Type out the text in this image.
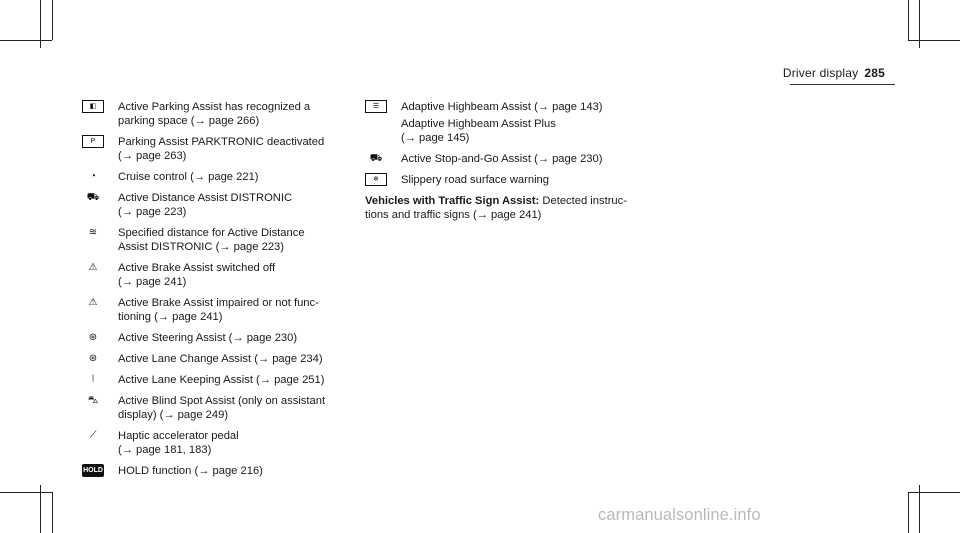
Driver display 285
◧	Active Parking Assist has recognized a
parking space (→ page 266)
P	Parking Assist PARKTRONIC deactivated
(→ page 263)
◔	Cruise control (→ page 221)
⛟	Active Distance Assist DISTRONIC
(→ page 223)
≋	Specified distance for Active Distance
Assist DISTRONIC (→ page 223)
⚠	Active Brake Assist switched off
(→ page 241)
⚠	Active Brake Assist impaired or not func-
tioning (→ page 241)
⊛	Active Steering Assist (→ page 230)
⊛	Active Lane Change Assist (→ page 234)
⦚	Active Lane Keeping Assist (→ page 251)
⛍	Active Blind Spot Assist (only on assistant
display) (→ page 249)
⟋	Haptic accelerator pedal
(→ page 181, 183)
HOLD HOLD function (→ page 216)
☰	Adaptive Highbeam Assist (→ page 143)
Adaptive Highbeam Assist Plus
(→ page 145)
⛟	Active Stop-and-Go Assist (→ page 230)
❄	Slippery road surface warning
Vehicles with Traffic Sign Assist: Detected instruc-tions and traffic signs (→ page 241)
carmanualsonline.info
